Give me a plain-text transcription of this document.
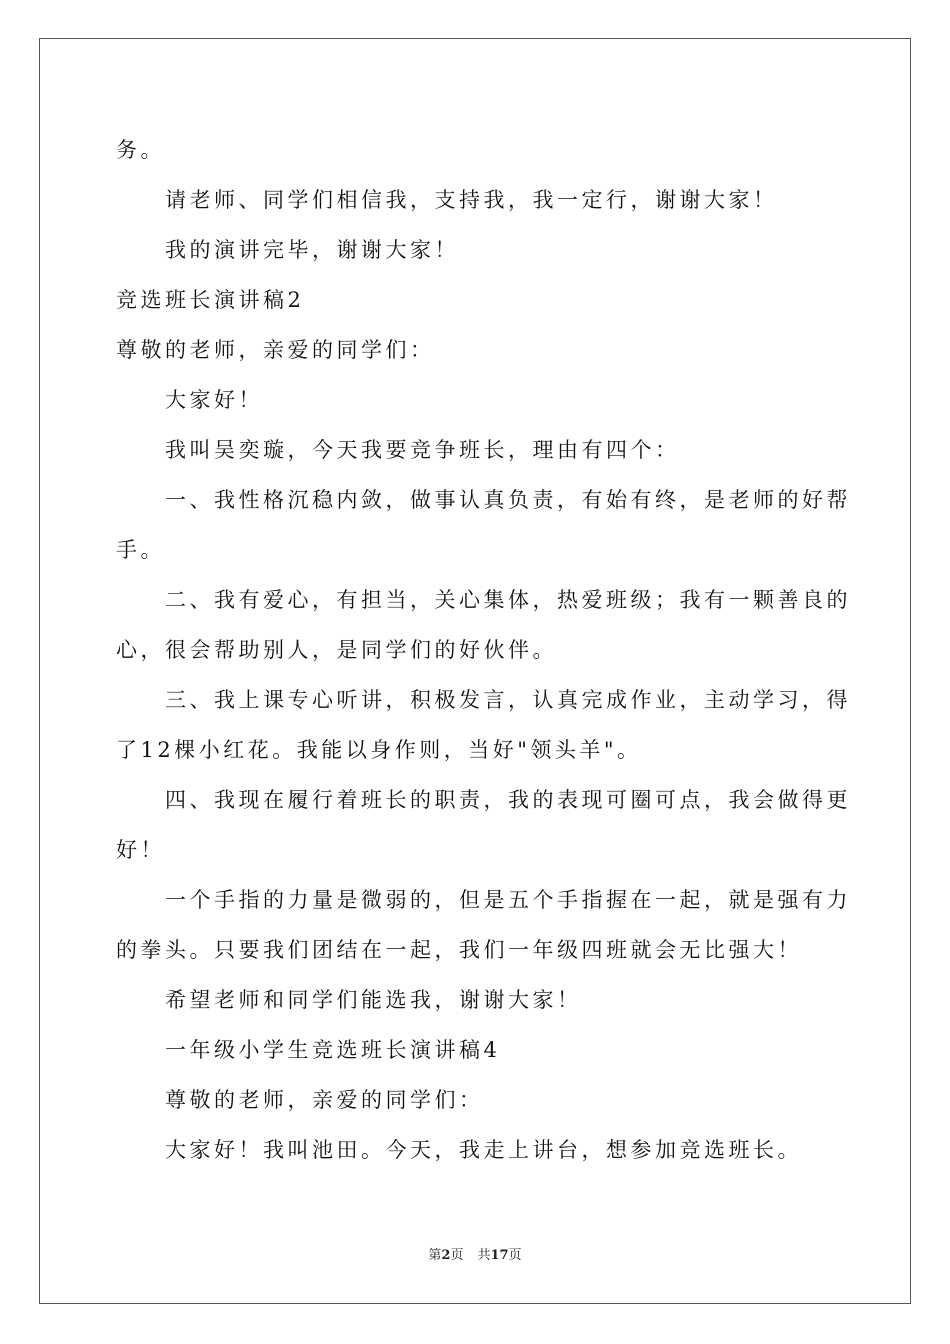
务。

请老师、同学们相信我，支持我，我一定行，谢谢大家！

我的演讲完毕，谢谢大家！

竞选班长演讲稿2

尊敬的老师，亲爱的同学们：

大家好！

我叫吴奕璇，今天我要竞争班长，理由有四个：

一、我性格沉稳内敛，做事认真负责，有始有终，是老师的好帮

手。

二、我有爱心，有担当，关心集体，热爱班级；我有一颗善良的

心，很会帮助别人，是同学们的好伙伴。

三、我上课专心听讲，积极发言，认真完成作业，主动学习，得

了12棵小红花。我能以身作则，当好"领头羊"。

四、我现在履行着班长的职责，我的表现可圈可点，我会做得更

好！

一个手指的力量是微弱的，但是五个手指握在一起，就是强有力

的拳头。只要我们团结在一起，我们一年级四班就会无比强大！

希望老师和同学们能选我，谢谢大家！

一年级小学生竞选班长演讲稿4

尊敬的老师，亲爱的同学们：

大家好！我叫池田。今天，我走上讲台，想参加竞选班长。

第2页 共17页
